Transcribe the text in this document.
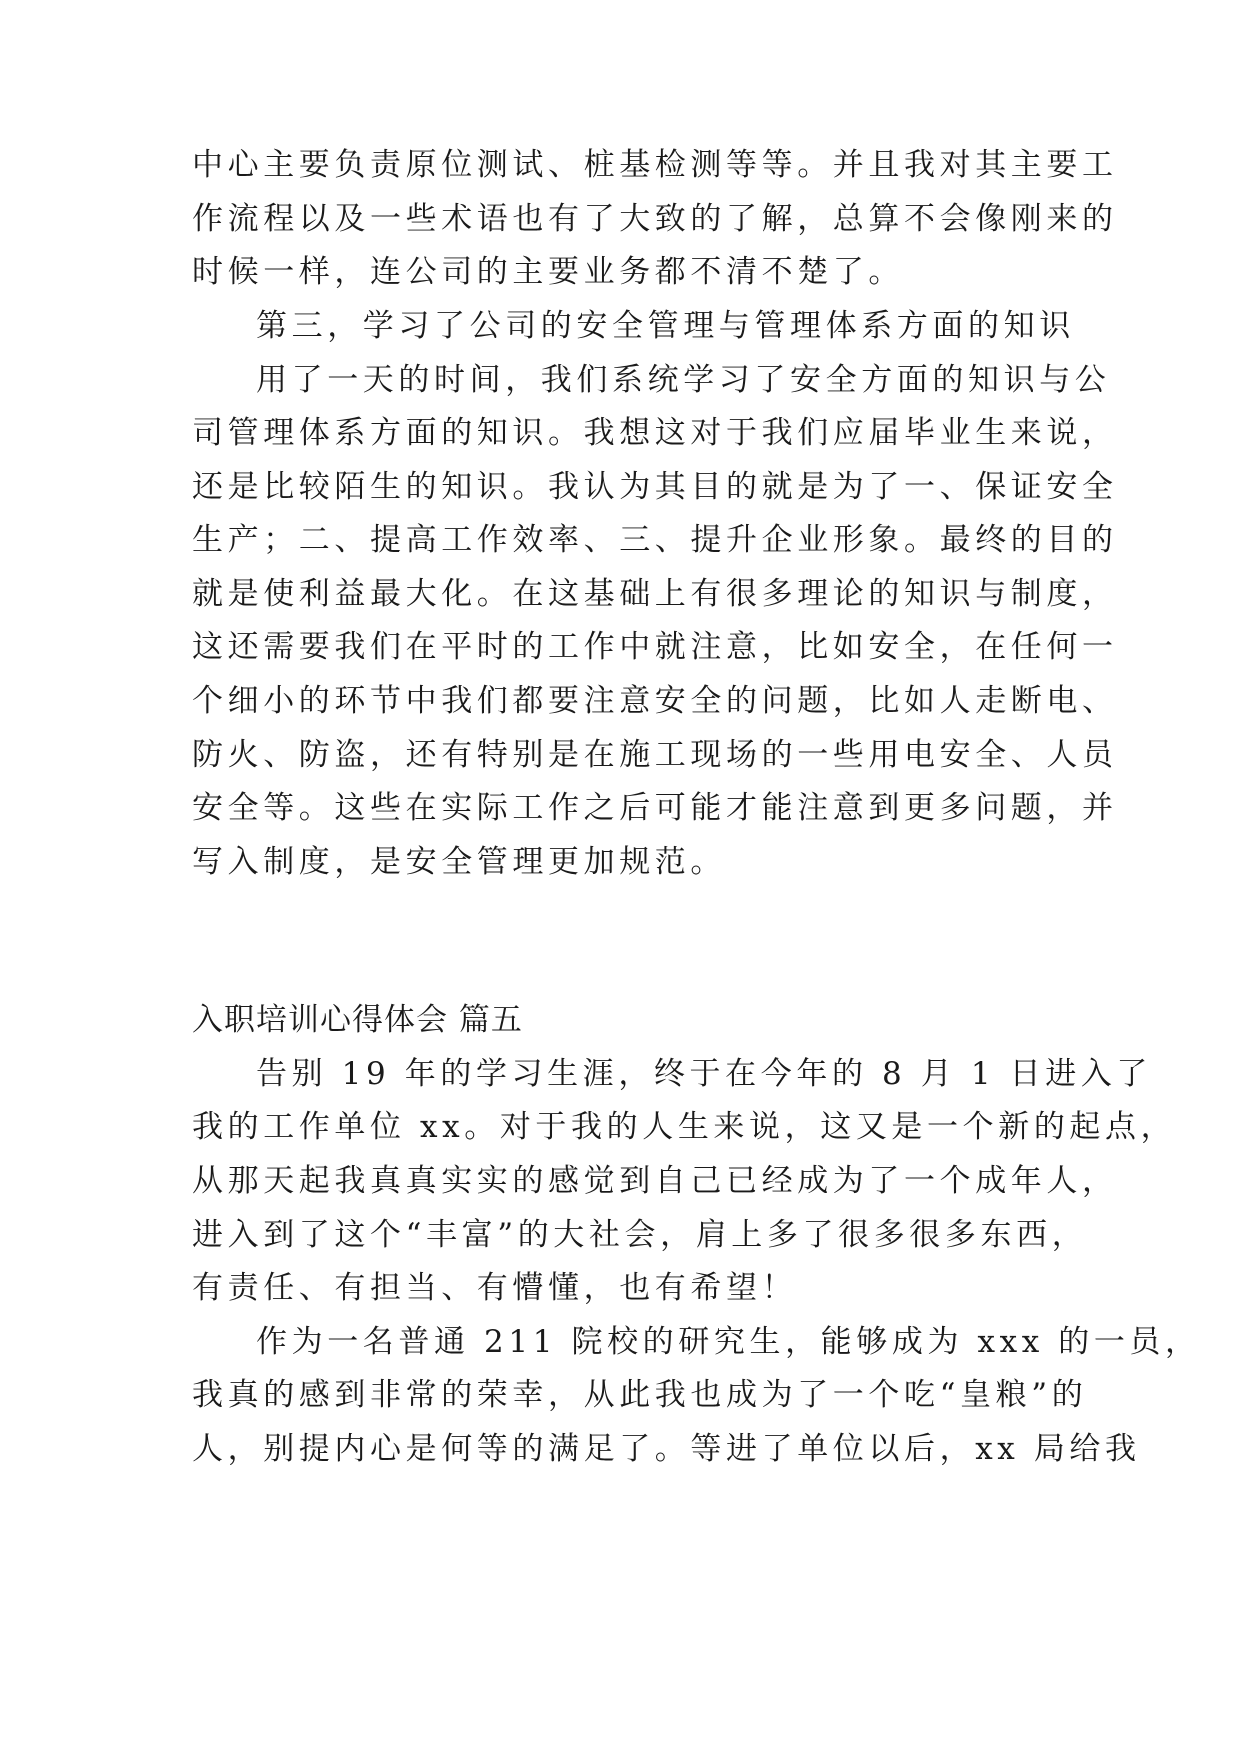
中心主要负责原位测试、桩基检测等等。并且我对其主要工
作流程以及一些术语也有了大致的了解，总算不会像刚来的
时候一样，连公司的主要业务都不清不楚了。
第三，学习了公司的安全管理与管理体系方面的知识
用了一天的时间，我们系统学习了安全方面的知识与公
司管理体系方面的知识。我想这对于我们应届毕业生来说，
还是比较陌生的知识。我认为其目的就是为了一、保证安全
生产；二、提高工作效率、三、提升企业形象。最终的目的
就是使利益最大化。在这基础上有很多理论的知识与制度，
这还需要我们在平时的工作中就注意，比如安全，在任何一
个细小的环节中我们都要注意安全的问题，比如人走断电、
防火、防盗，还有特别是在施工现场的一些用电安全、人员
安全等。这些在实际工作之后可能才能注意到更多问题，并
写入制度，是安全管理更加规范。
入职培训心得体会 篇五
告别 19 年的学习生涯，终于在今年的 8 月 1 日进入了
我的工作单位 xx。对于我的人生来说，这又是一个新的起点，
从那天起我真真实实的感觉到自己已经成为了一个成年人，
进入到了这个“丰富”的大社会，肩上多了很多很多东西，
有责任、有担当、有懵懂，也有希望！
作为一名普通 211 院校的研究生，能够成为 xxx 的一员，
我真的感到非常的荣幸，从此我也成为了一个吃“皇粮”的
人，别提内心是何等的满足了。等进了单位以后，xx 局给我
